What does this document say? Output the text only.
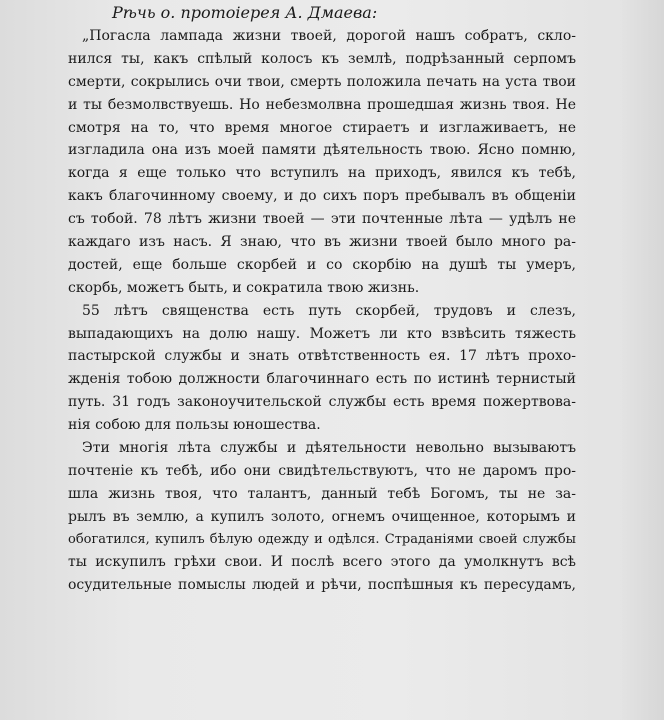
Рѣчь о. протоіерея А. Дмаева:
„Погасла лампада жизни твоей, дорогой нашъ собратъ, скло-
нился ты, какъ спѣлый колосъ къ землѣ, подрѣзанный серпомъ
смерти, сокрылись очи твои, смерть положила печать на уста твои
и ты безмолвствуешь. Но небезмолвна прошедшая жизнь твоя. Не
смотря на то, что время многое стираетъ и изглаживаетъ, не
изгладила она изъ моей памяти дѣятельность твою. Ясно помню,
когда я еще только что вступилъ на приходъ, явился къ тебѣ,
какъ благочинному своему, и до сихъ поръ пребывалъ въ общеніи
съ тобой. 78 лѣтъ жизни твоей — эти почтенные лѣта — удѣлъ не
каждаго изъ насъ. Я знаю, что въ жизни твоей было много ра-
достей, еще больше скорбей и со скорбію на душѣ ты умеръ,
скорбь, можетъ быть, и сократила твою жизнь.
55 лѣтъ священства есть путь скорбей, трудовъ и слезъ,
выпадающихъ на долю нашу. Можетъ ли кто взвѣсить тяжесть
пастырской службы и знать отвѣтственность ея. 17 лѣтъ прохо-
жденія тобою должности благочиннаго есть по истинѣ тернистый
путь. 31 годъ законоучительской службы есть время пожертвова-
нія собою для пользы юношества.
Эти многія лѣта службы и дѣятельности невольно вызываютъ
почтеніе къ тебѣ, ибо они свидѣтельствуютъ, что не даромъ про-
шла жизнь твоя, что талантъ, данный тебѣ Богомъ, ты не за-
рылъ въ землю, а купилъ золото, огнемъ очищенное, которымъ и
обогатился, купилъ бѣлую одежду и одѣлся. Страданіями своей службы
ты искупилъ грѣхи свои. И послѣ всего этого да умолкнутъ всѣ
осудительные помыслы людей и рѣчи, поспѣшныя къ пересудамъ,
